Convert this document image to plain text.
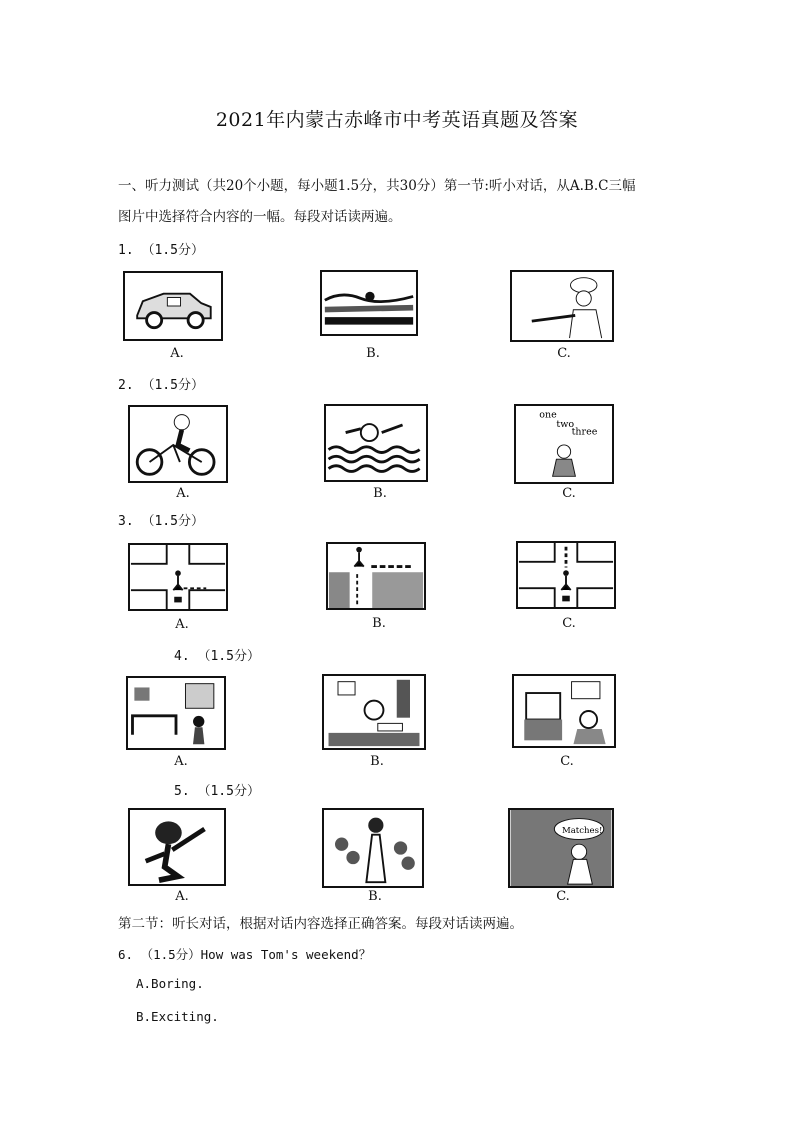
2021年内蒙古赤峰市中考英语真题及答案
一、听力测试（共20个小题，每小题1.5分，共30分）第一节:听小对话，从A.B.C三幅
图片中选择符合内容的一幅。每段对话读两遍。
1. （1.5分）
A.	B.	C.
2. （1.5分）
A.	B.
one
two
three
C.
3. （1.5分）
A.	B.	C.
4. （1.5分）
A.	B.	C.
5. （1.5分）
A.	B.
Matches!
C.
第二节：听长对话，根据对话内容选择正确答案。每段对话读两遍。
6. （1.5分）How was Tom's weekend？
A.Boring.
B.Exciting.
